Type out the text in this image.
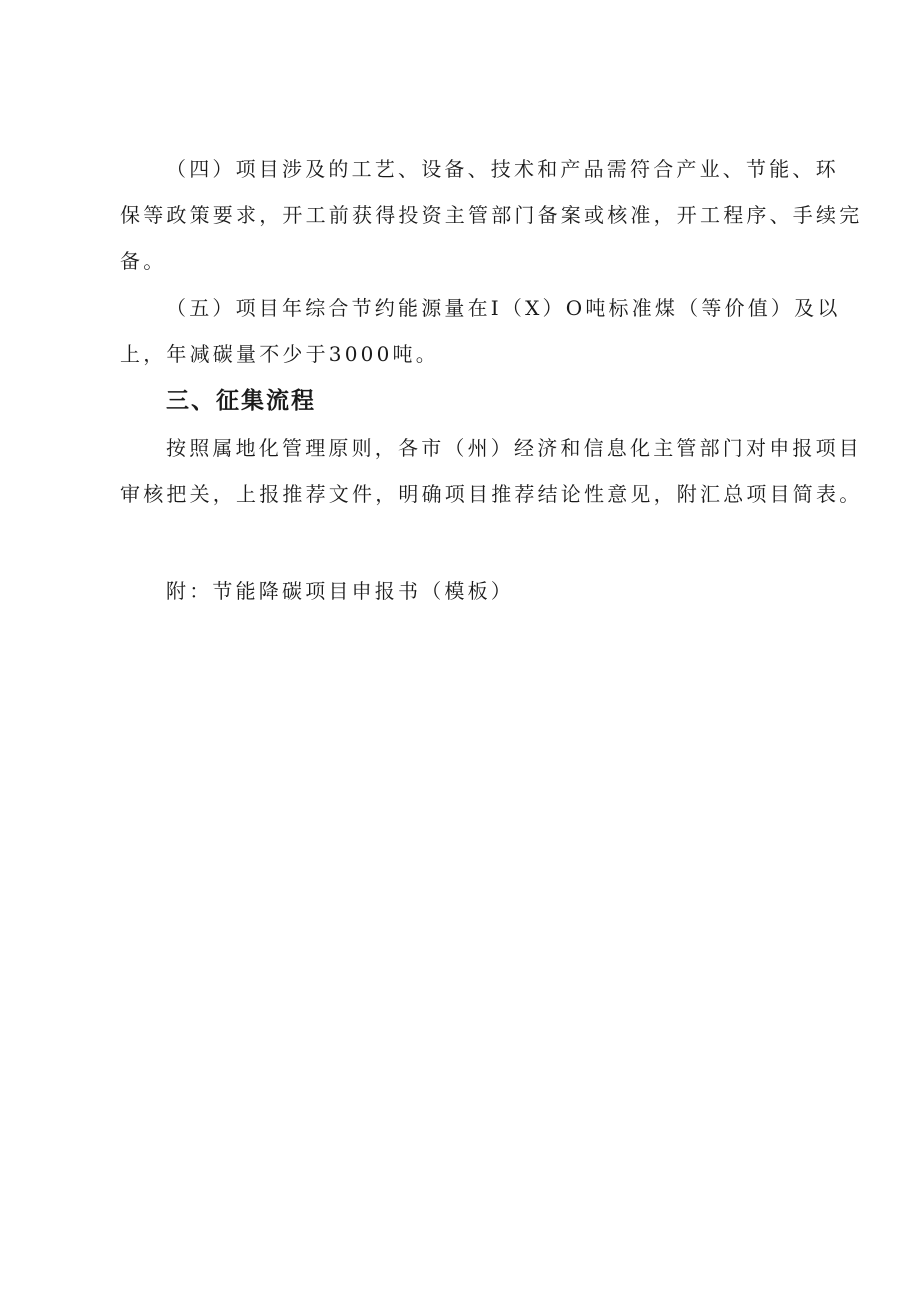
（四）项目涉及的工艺、设备、技术和产品需符合产业、节能、环
保等政策要求，开工前获得投资主管部门备案或核准，开工程序、手续完
备。
（五）项目年综合节约能源量在I（X）O吨标准煤（等价值）及以
上，年减碳量不少于3000吨。
三、征集流程
按照属地化管理原则，各市（州）经济和信息化主管部门对申报项目
审核把关，上报推荐文件，明确项目推荐结论性意见，附汇总项目简表。
附：节能降碳项目申报书（模板）
